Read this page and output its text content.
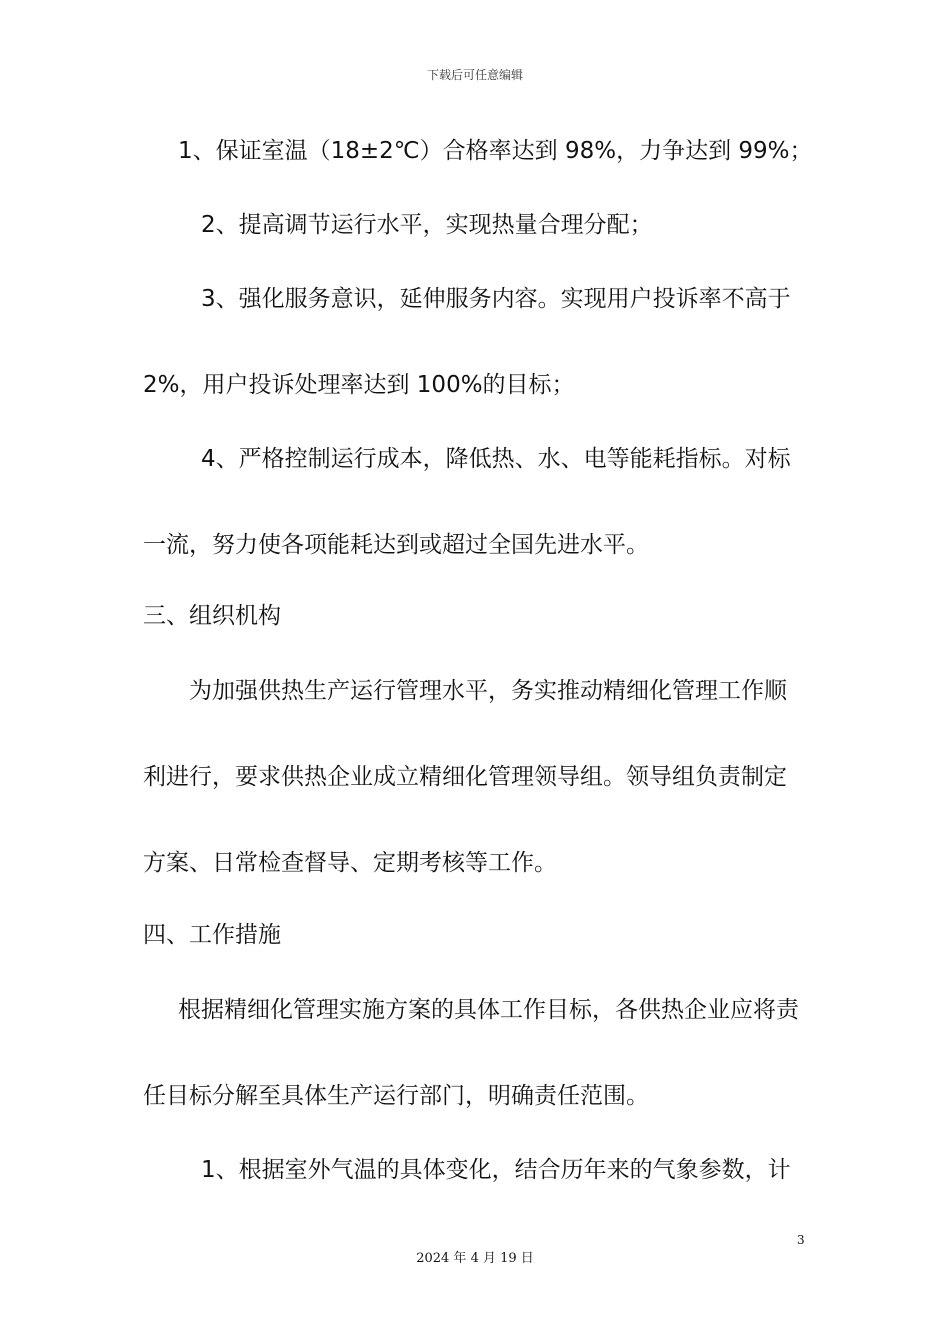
下载后可任意编辑
1、保证室温（18±2℃）合格率达到 98%，力争达到 99%；
2、提高调节运行水平，实现热量合理分配；
3、强化服务意识，延伸服务内容。实现用户投诉率不高于
2%，用户投诉处理率达到 100%的目标；
4、严格控制运行成本，降低热、水、电等能耗指标。对标
一流，努力使各项能耗达到或超过全国先进水平。
三、组织机构
为加强供热生产运行管理水平，务实推动精细化管理工作顺
利进行，要求供热企业成立精细化管理领导组。领导组负责制定
方案、日常检查督导、定期考核等工作。
四、工作措施
根据精细化管理实施方案的具体工作目标，各供热企业应将责
任目标分解至具体生产运行部门，明确责任范围。
1、根据室外气温的具体变化，结合历年来的气象参数，计
3
2024 年 4 月 19 日
